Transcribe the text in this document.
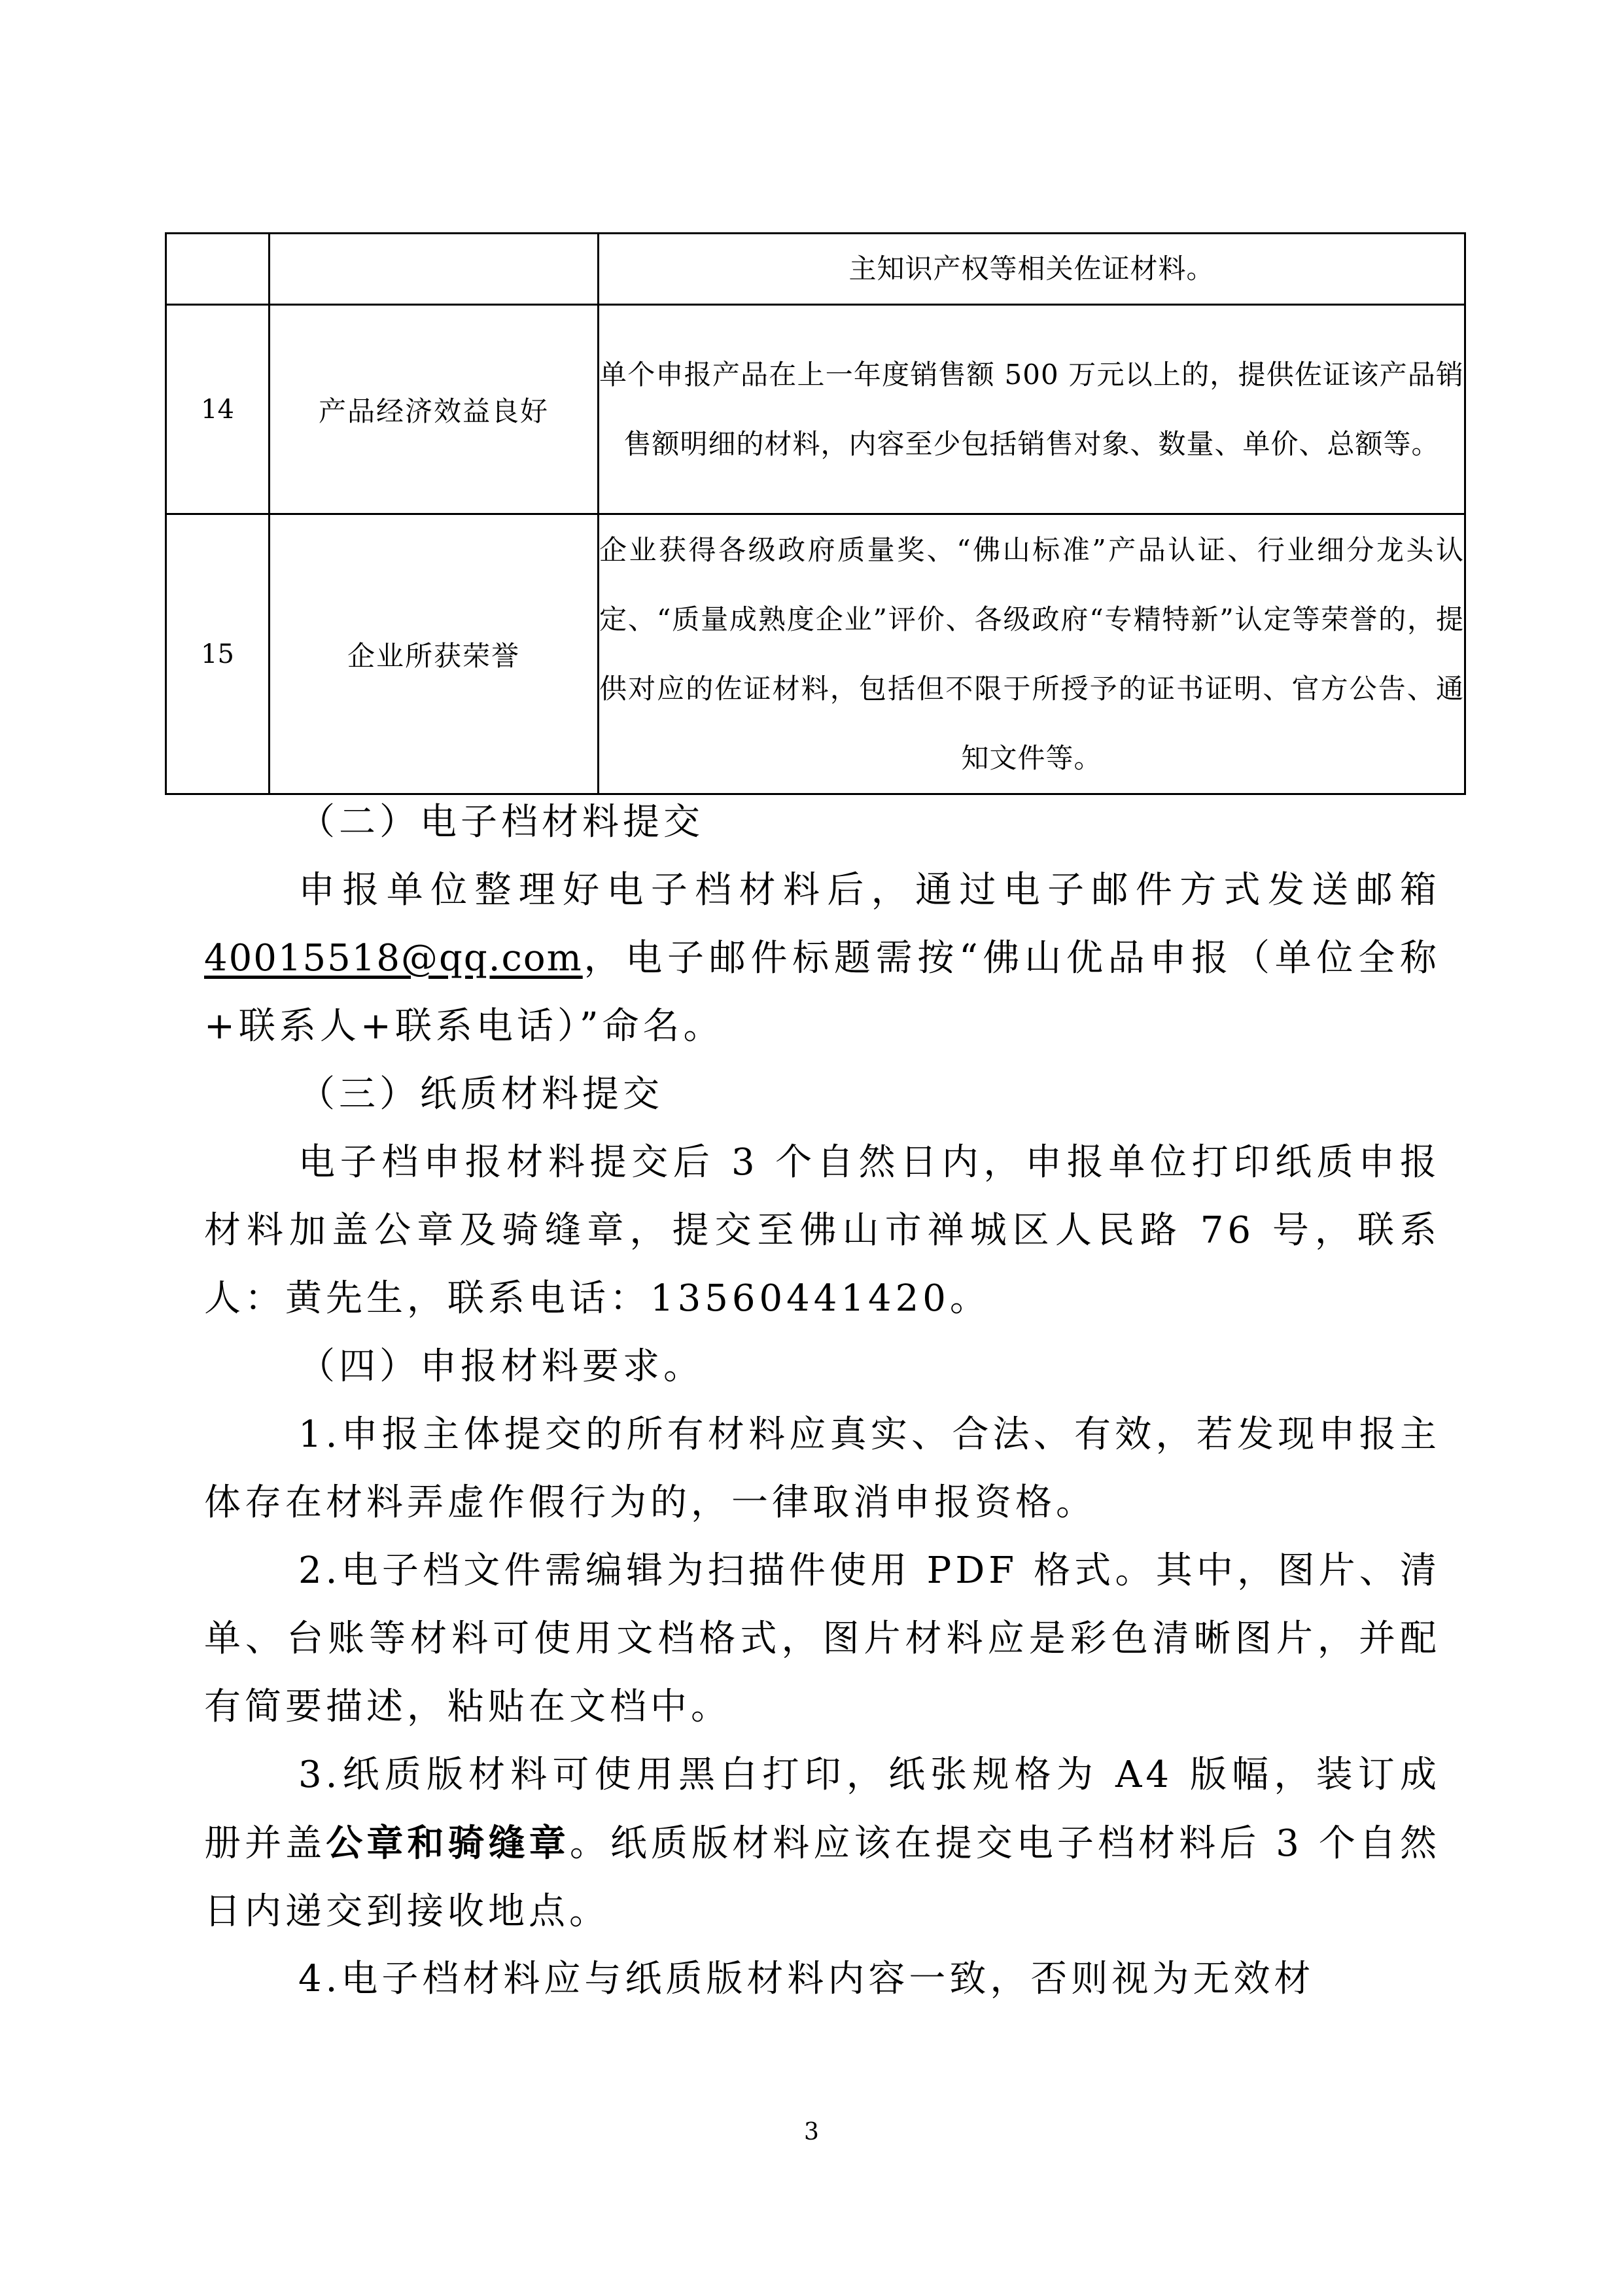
		主知识产权等相关佐证材料。
14	产品经济效益良好	单个申报产品在上一年度销售额 500 万元以上的，提供佐证该产品销售额明细的材料，内容至少包括销售对象、数量、单价、总额等。
15	企业所获荣誉	企业获得各级政府质量奖、“佛山标准”产品认证、行业细分龙头认定、“质量成熟度企业”评价、各级政府“专精特新”认定等荣誉的，提供对应的佐证材料，包括但不限于所授予的证书证明、官方公告、通知文件等。

（二）电子档材料提交

申报单位整理好电子档材料后，通过电子邮件方式发送邮箱40015518@qq.com，电子邮件标题需按“佛山优品申报（单位全称+联系人+联系电话）”命名。

（三）纸质材料提交

电子档申报材料提交后 3 个自然日内，申报单位打印纸质申报材料加盖公章及骑缝章，提交至佛山市禅城区人民路 76 号，联系人：黄先生，联系电话：13560441420。

（四）申报材料要求。

1.申报主体提交的所有材料应真实、合法、有效，若发现申报主体存在材料弄虚作假行为的，一律取消申报资格。

2.电子档文件需编辑为扫描件使用 PDF 格式。其中，图片、清单、台账等材料可使用文档格式，图片材料应是彩色清晰图片，并配有简要描述，粘贴在文档中。

3.纸质版材料可使用黑白打印，纸张规格为 A4 版幅，装订成册并盖公章和骑缝章。纸质版材料应该在提交电子档材料后 3 个自然日内递交到接收地点。

4.电子档材料应与纸质版材料内容一致，否则视为无效材

3
